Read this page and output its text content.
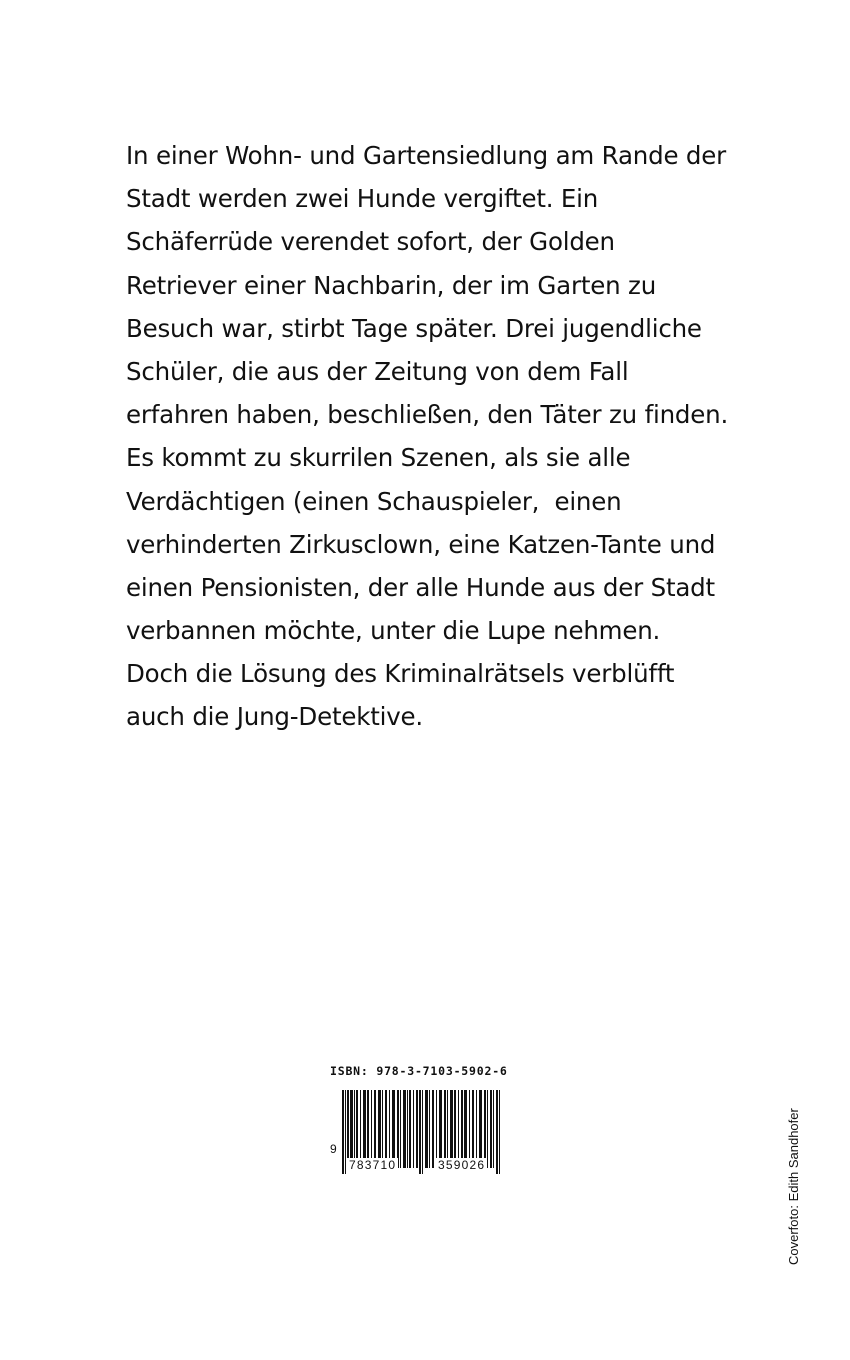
In einer Wohn- und Gartensiedlung am Rande der
Stadt werden zwei Hunde vergiftet. Ein
Schäferrüde verendet sofort, der Golden
Retriever einer Nachbarin, der im Garten zu
Besuch war, stirbt Tage später. Drei jugendliche
Schüler, die aus der Zeitung von dem Fall
erfahren haben, beschließen, den Täter zu finden.
Es kommt zu skurrilen Szenen, als sie alle
Verdächtigen (einen Schauspieler,  einen
verhinderten Zirkusclown, eine Katzen-Tante und
einen Pensionisten, der alle Hunde aus der Stadt
verbannen möchte, unter die Lupe nehmen.
Doch die Lösung des Kriminalrätsels verblüfft
auch die Jung-Detektive.
ISBN: 978-3-7103-5902-6
9
783710	359026	Coverfoto: Edith Sandhofer
